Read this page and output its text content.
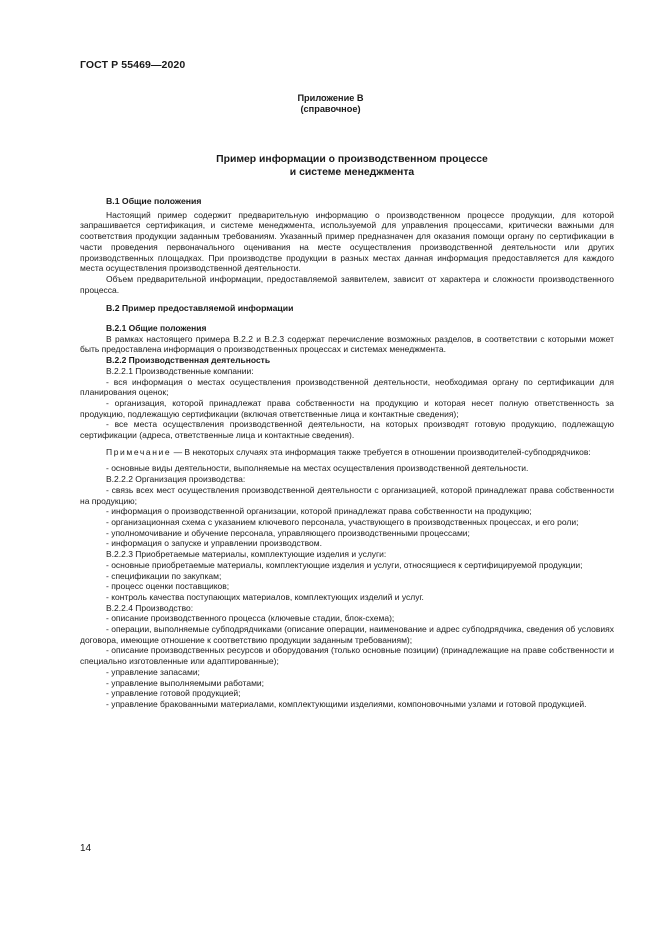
ГОСТ Р 55469—2020
Приложение В
(справочное)
Пример информации о производственном процессе
и системе менеджмента

В.1 Общие положения

Настоящий пример содержит предварительную информацию о производственном процессе продукции, для которой запрашивается сертификация, и системе менеджмента, используемой для управления процессами, критически важными для соответствия продукции заданным требованиям. Указанный пример предназначен для оказания помощи органу по сертификации в части проведения первоначального оценивания на месте осуществления производственной деятельности или других производственных площадках. При производстве продукции в разных местах данная информация предоставляется для каждого места осуществления производственной деятельности.

Объем предварительной информации, предоставляемой заявителем, зависит от характера и сложности производственного процесса.

В.2 Пример предоставляемой информации

В.2.1 Общие положения

В рамках настоящего примера В.2.2 и В.2.3 содержат перечисление возможных разделов, в соответствии с которыми может быть предоставлена информация о производственных процессах и системах менеджмента.

В.2.2 Производственная деятельность

В.2.2.1 Производственные компании:

- вся информация о местах осуществления производственной деятельности, необходимая органу по сертификации для планирования оценок;

- организация, которой принадлежат права собственности на продукцию и которая несет полную ответственность за продукцию, подлежащую сертификации (включая ответственные лица и контактные сведения);

- все места осуществления производственной деятельности, на которых производят готовую продукцию, подлежащую сертификации (адреса, ответственные лица и контактные сведения).

Примечание — В некоторых случаях эта информация также требуется в отношении производителей-субподрядчиков:

- основные виды деятельности, выполняемые на местах осуществления производственной деятельности.

В.2.2.2 Организация производства:

- связь всех мест осуществления производственной деятельности с организацией, которой принадлежат права собственности на продукцию;

- информация о производственной организации, которой принадлежат права собственности на продукцию;

- организационная схема с указанием ключевого персонала, участвующего в производственных процессах, и его роли;

- уполномочивание и обучение персонала, управляющего производственными процессами;

- информация о запуске и управлении производством.

В.2.2.3 Приобретаемые материалы, комплектующие изделия и услуги:

- основные приобретаемые материалы, комплектующие изделия и услуги, относящиеся к сертифицируемой продукции;

- спецификации по закупкам;

- процесс оценки поставщиков;

- контроль качества поступающих материалов, комплектующих изделий и услуг.

В.2.2.4 Производство:

- описание производственного процесса (ключевые стадии, блок-схема);

- операции, выполняемые субподрядчиками (описание операции, наименование и адрес субподрядчика, сведения об условиях договора, имеющие отношение к соответствию продукции заданным требованиям);

- описание производственных ресурсов и оборудования (только основные позиции) (принадлежащие на праве собственности и специально изготовленные или адаптированные);

- управление запасами;

- управление выполняемыми работами;

- управление готовой продукцией;

- управление бракованными материалами, комплектующими изделиями, компоновочными узлами и готовой продукцией.

14
